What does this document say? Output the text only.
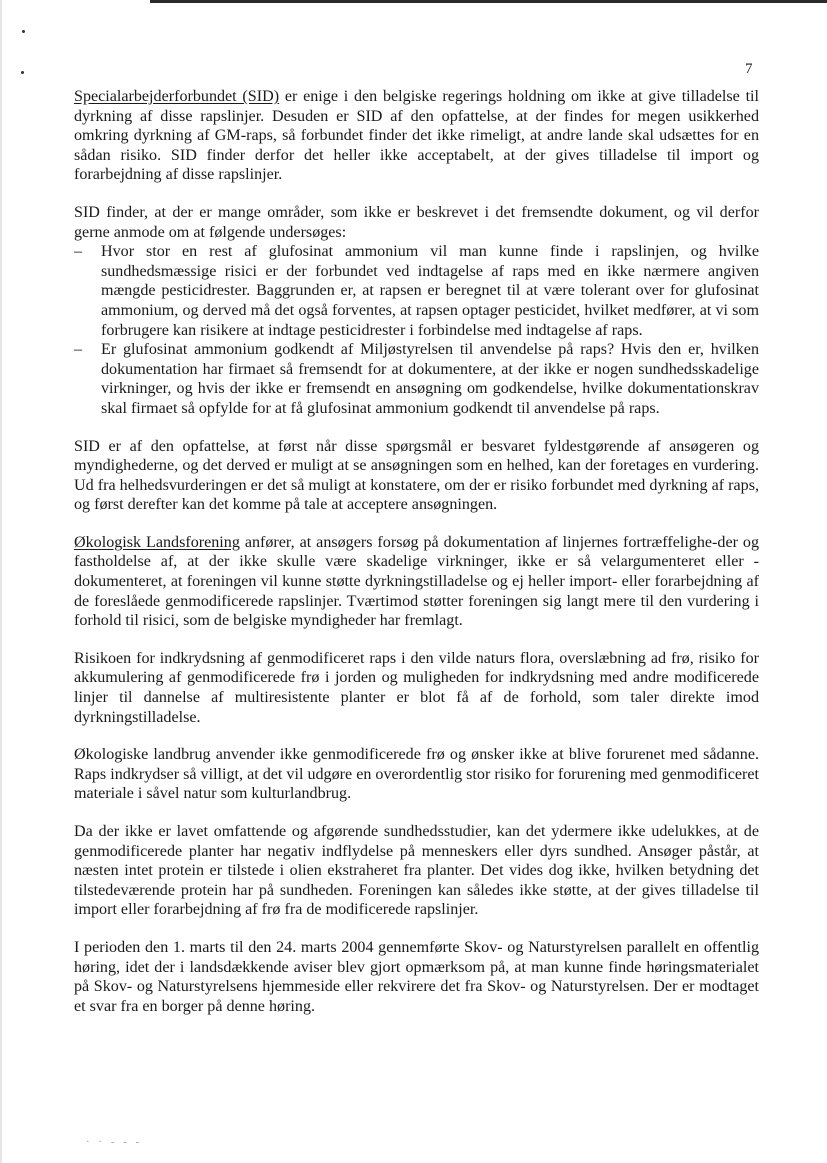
7

Specialarbejderforbundet (SID) er enige i den belgiske regerings holdning om ikke at give tilladelse til dyrkning af disse rapslinjer. Desuden er SID af den opfattelse, at der findes for megen usikkerhed omkring dyrkning af GM-raps, så forbundet finder det ikke rimeligt, at andre lande skal udsættes for en sådan risiko. SID finder derfor det heller ikke acceptabelt, at der gives tilladelse til import og forarbejdning af disse rapslinjer.

SID finder, at der er mange områder, som ikke er beskrevet i det fremsendte dokument, og vil derfor gerne anmode om at følgende undersøges:

– Hvor stor en rest af glufosinat ammonium vil man kunne finde i rapslinjen, og hvilke sundhedsmæssige risici er der forbundet ved indtagelse af raps med en ikke nærmere angiven mængde pesticidrester. Baggrunden er, at rapsen er beregnet til at være tolerant over for glufosinat ammonium, og derved må det også forventes, at rapsen optager pesticidet, hvilket medfører, at vi som forbrugere kan risikere at indtage pesticidrester i forbindelse med indtagelse af raps.
– Er glufosinat ammonium godkendt af Miljøstyrelsen til anvendelse på raps? Hvis den er, hvilken dokumentation har firmaet så fremsendt for at dokumentere, at der ikke er nogen sundhedsskadelige virkninger, og hvis der ikke er fremsendt en ansøgning om godkendelse, hvilke dokumentationskrav skal firmaet så opfylde for at få glufosinat ammonium godkendt til anvendelse på raps.

SID er af den opfattelse, at først når disse spørgsmål er besvaret fyldestgørende af ansøgeren og myndighederne, og det derved er muligt at se ansøgningen som en helhed, kan der foretages en vurdering. Ud fra helhedsvurderingen er det så muligt at konstatere, om der er risiko forbundet med dyrkning af raps, og først derefter kan det komme på tale at acceptere ansøgningen.

Økologisk Landsforening anfører, at ansøgers forsøg på dokumentation af linjernes fortræffelighe-der og fastholdelse af, at der ikke skulle være skadelige virkninger, ikke er så velargumenteret eller -dokumenteret, at foreningen vil kunne støtte dyrkningstilladelse og ej heller import- eller forarbejdning af de foreslåede genmodificerede rapslinjer. Tværtimod støtter foreningen sig langt mere til den vurdering i forhold til risici, som de belgiske myndigheder har fremlagt.

Risikoen for indkrydsning af genmodificeret raps i den vilde naturs flora, overslæbning ad frø, risiko for akkumulering af genmodificerede frø i jorden og muligheden for indkrydsning med andre modificerede linjer til dannelse af multiresistente planter er blot få af de forhold, som taler direkte imod dyrkningstilladelse.

Økologiske landbrug anvender ikke genmodificerede frø og ønsker ikke at blive forurenet med sådanne. Raps indkrydser så villigt, at det vil udgøre en overordentlig stor risiko for forurening med genmodificeret materiale i såvel natur som kulturlandbrug.

Da der ikke er lavet omfattende og afgørende sundhedsstudier, kan det ydermere ikke udelukkes, at de genmodificerede planter har negativ indflydelse på menneskers eller dyrs sundhed. Ansøger påstår, at næsten intet protein er tilstede i olien ekstraheret fra planter. Det vides dog ikke, hvilken betydning det tilstedeværende protein har på sundheden. Foreningen kan således ikke støtte, at der gives tilladelse til import eller forarbejdning af frø fra de modificerede rapslinjer.

I perioden den 1. marts til den 24. marts 2004 gennemførte Skov- og Naturstyrelsen parallelt en offentlig høring, idet der i landsdækkende aviser blev gjort opmærksom på, at man kunne finde høringsmaterialet på Skov- og Naturstyrelsens hjemmeside eller rekvirere det fra Skov- og Naturstyrelsen. Der er modtaget et svar fra en borger på denne høring.

· · - - -
